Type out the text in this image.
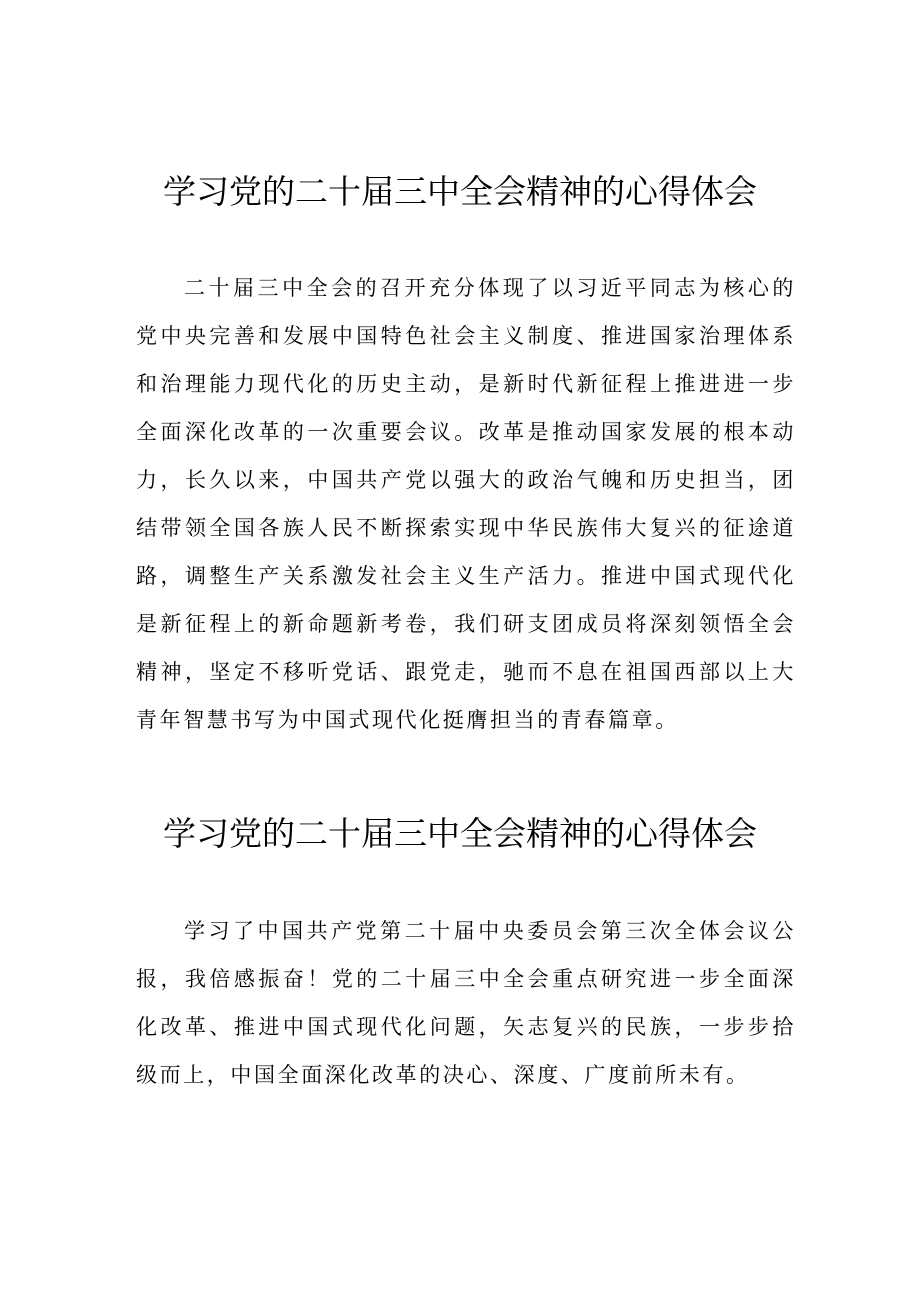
学习党的二十届三中全会精神的心得体会

二十届三中全会的召开充分体现了以习近平同志为核心的党中央完善和发展中国特色社会主义制度、推进国家治理体系和治理能力现代化的历史主动，是新时代新征程上推进进一步全面深化改革的一次重要会议。改革是推动国家发展的根本动力，长久以来，中国共产党以强大的政治气魄和历史担当，团结带领全国各族人民不断探索实现中华民族伟大复兴的征途道路，调整生产关系激发社会主义生产活力。推进中国式现代化是新征程上的新命题新考卷，我们研支团成员将深刻领悟全会精神，坚定不移听党话、跟党走，驰而不息在祖国西部以上大青年智慧书写为中国式现代化挺膺担当的青春篇章。

学习党的二十届三中全会精神的心得体会

学习了中国共产党第二十届中央委员会第三次全体会议公报，我倍感振奋！党的二十届三中全会重点研究进一步全面深化改革、推进中国式现代化问题，矢志复兴的民族，一步步拾级而上，中国全面深化改革的决心、深度、广度前所未有。
